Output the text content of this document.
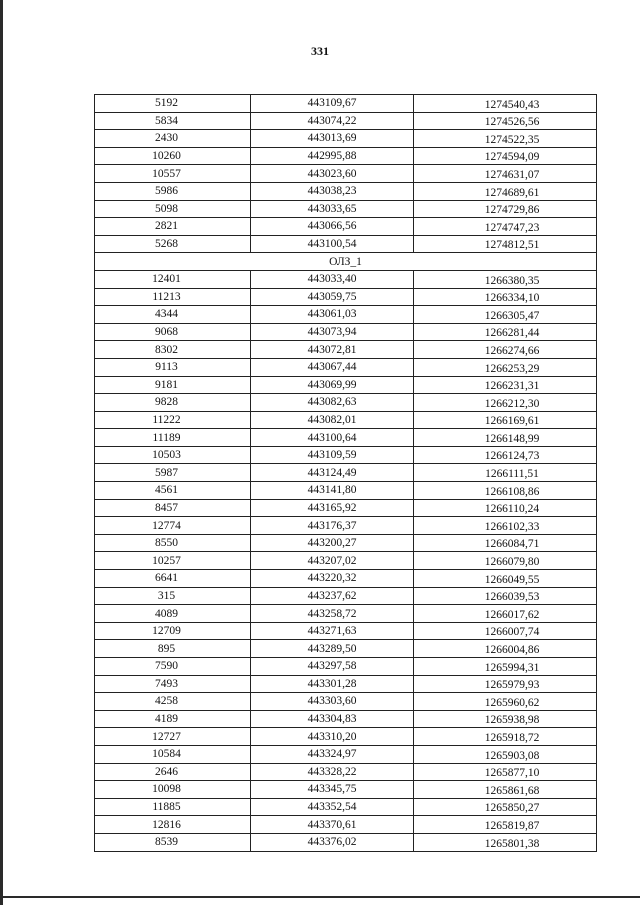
331
5192	443109,67	1274540,43
5834	443074,22	1274526,56
2430	443013,69	1274522,35
10260	442995,88	1274594,09
10557	443023,60	1274631,07
5986	443038,23	1274689,61
5098	443033,65	1274729,86
2821	443066,56	1274747,23
5268	443100,54	1274812,51
ОЛЗ_1		
12401	443033,40	1266380,35
11213	443059,75	1266334,10
4344	443061,03	1266305,47
9068	443073,94	1266281,44
8302	443072,81	1266274,66
9113	443067,44	1266253,29
9181	443069,99	1266231,31
9828	443082,63	1266212,30
11222	443082,01	1266169,61
11189	443100,64	1266148,99
10503	443109,59	1266124,73
5987	443124,49	1266111,51
4561	443141,80	1266108,86
8457	443165,92	1266110,24
12774	443176,37	1266102,33
8550	443200,27	1266084,71
10257	443207,02	1266079,80
6641	443220,32	1266049,55
315	443237,62	1266039,53
4089	443258,72	1266017,62
12709	443271,63	1266007,74
895	443289,50	1266004,86
7590	443297,58	1265994,31
7493	443301,28	1265979,93
4258	443303,60	1265960,62
4189	443304,83	1265938,98
12727	443310,20	1265918,72
10584	443324,97	1265903,08
2646	443328,22	1265877,10
10098	443345,75	1265861,68
11885	443352,54	1265850,27
12816	443370,61	1265819,87
8539	443376,02	1265801,38
